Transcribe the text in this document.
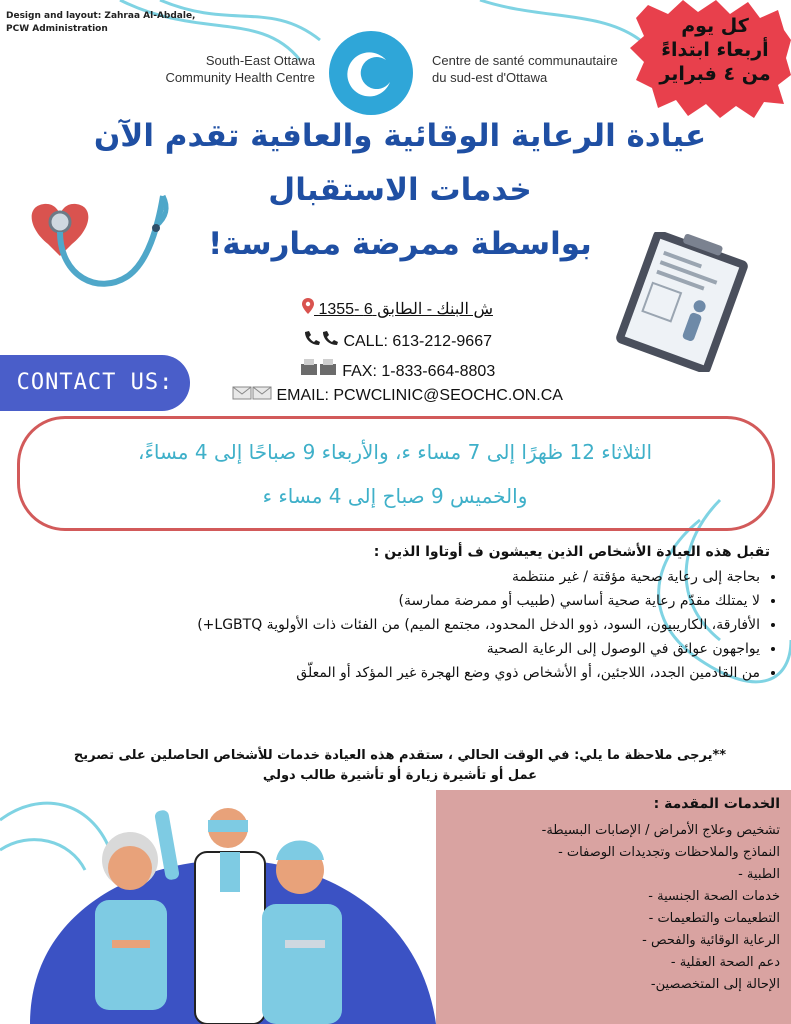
Design and layout: Zahraa Al-Abdale,
PCW Administration
South-East Ottawa
Community Health Centre
Centre de santé communautaire
du sud-est d'Ottawa
كل يوم
أربعاء ابتداءً
من ٤ فبراير
عيادة الرعاية الوقائية والعافية تقدم الآن
خدمات الاستقبال
بواسطة ممرضة ممارسة!
ش البنك - الطابق 6 -1355
CALL: 613-212-9667
FAX: 1-833-664-8803
EMAIL: PCWCLINIC@SEOCHC.ON.CA
CONTACT US:
الثلاثاء 12 ظهرًا إلى 7 مساء ء، والأربعاء 9 صباحًا إلى 4 مساءً،
والخميس 9 صباح إلى 4 مساء ء
تقبل هذه العيادة الأشخاص الذين يعيشون ف أوتاوا الذين :
• بحاجة إلى رعاية صحية مؤقتة / غير منتظمة
• لا يمتلك مقدّم رعاية صحية أساسي (طبيب أو ممرضة ممارسة)
• الأفارقة، الكاريبيون، السود، ذوو الدخل المحدود، مجتمع الميم) من الفئات ذات الأولوية LGBTQ+)
• يواجهون عوائق في الوصول إلى الرعاية الصحية
• من القادمين الجدد، اللاجئين، أو الأشخاص ذوي وضع الهجرة غير المؤكد أو المعلّق
**يرجى ملاحظة ما يلي: في الوقت الحالي ، ستقدم هذه العيادة خدمات للأشخاص الحاصلين على تصريح
عمل أو تأشيرة زيارة أو تأشيرة طالب دولي
الخدمات المقدمة :
تشخيص وعلاج الأمراض / الإصابات البسيطة-
النماذج والملاحظات وتجديدات الوصفات -
الطبية -
خدمات الصحة الجنسية -
التطعيمات والتطعيمات -
الرعاية الوقائية والفحص -
دعم الصحة العقلية -
الإحالة إلى المتخصصين-
